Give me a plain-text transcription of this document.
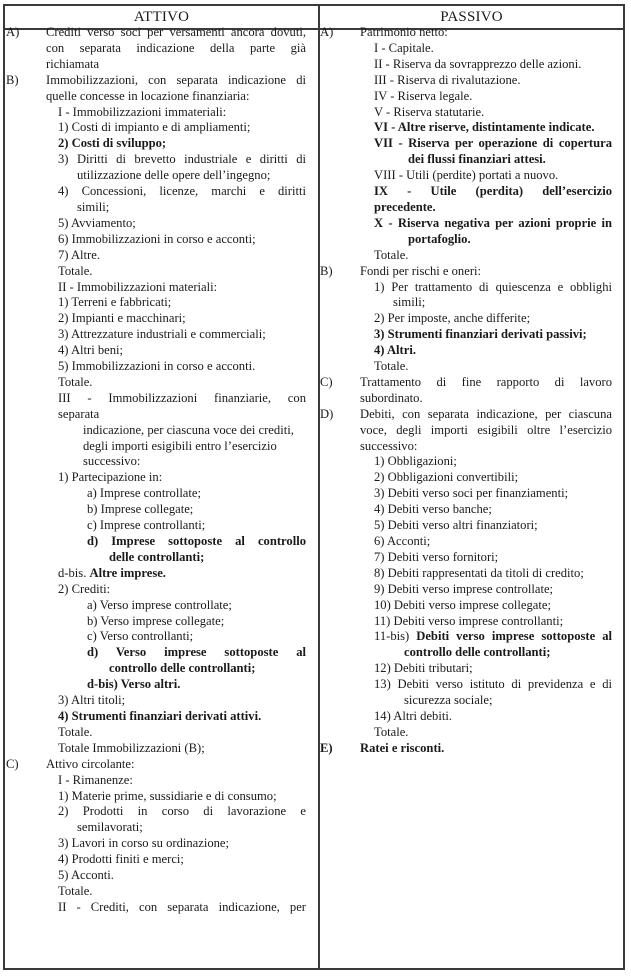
ATTIVO	PASSIVO
A) Crediti verso soci per versamenti ancora dovuti,
con separata indicazione della parte già
richiamata
B) Immobilizzazioni, con separata indicazione di
quelle concesse in locazione finanziaria:
I - Immobilizzazioni immateriali:
1) Costi di impianto e di ampliamenti;
2) Costi di sviluppo;
3) Diritti di brevetto industriale e diritti di
utilizzazione delle opere dell’ingegno;
4) Concessioni, licenze, marchi e diritti
simili;
5) Avviamento;
6) Immobilizzazioni in corso e acconti;
7) Altre.
Totale.
II - Immobilizzazioni materiali:
1) Terreni e fabbricati;
2) Impianti e macchinari;
3) Attrezzature industriali e commerciali;
4) Altri beni;
5) Immobilizzazioni in corso e acconti.
Totale.
III - Immobilizzazioni finanziarie, con
separata
indicazione, per ciascuna voce dei crediti,
degli importi esigibili entro l’esercizio
successivo:
1) Partecipazione in:
a) Imprese controllate;
b) Imprese collegate;
c) Imprese controllanti;
d) Imprese sottoposte al controllo
delle controllanti;
d-bis. Altre imprese.
2) Crediti:
a) Verso imprese controllate;
b) Verso imprese collegate;
c) Verso controllanti;
d) Verso imprese sottoposte al
controllo delle controllanti;
d-bis) Verso altri.
3) Altri titoli;
4) Strumenti finanziari derivati attivi.
Totale.
Totale Immobilizzazioni (B);
C) Attivo circolante:
I - Rimanenze:
1) Materie prime, sussidiarie e di consumo;
2) Prodotti in corso di lavorazione e
semilavorati;
3) Lavori in corso su ordinazione;
4) Prodotti finiti e merci;
5) Acconti.
Totale.
II - Crediti, con separata indicazione, per
A) Patrimonio netto:
I - Capitale.
II - Riserva da sovrapprezzo delle azioni.
III - Riserva di rivalutazione.
IV - Riserva legale.
V - Riserva statutarie.
VI - Altre riserve, distintamente indicate.
VII - Riserva per operazione di copertura
dei flussi finanziari attesi.
VIII - Utili (perdite) portati a nuovo.
IX - Utile (perdita) dell’esercizio
precedente.
X - Riserva negativa per azioni proprie in
portafoglio.
Totale.
B) Fondi per rischi e oneri:
1) Per trattamento di quiescenza e obblighi
simili;
2) Per imposte, anche differite;
3) Strumenti finanziari derivati passivi;
4) Altri.
Totale.
C) Trattamento di fine rapporto di lavoro
subordinato.
D) Debiti, con separata indicazione, per ciascuna
voce, degli importi esigibili oltre l’esercizio
successivo:
1) Obbligazioni;
2) Obbligazioni convertibili;
3) Debiti verso soci per finanziamenti;
4) Debiti verso banche;
5) Debiti verso altri finanziatori;
6) Acconti;
7) Debiti verso fornitori;
8) Debiti rappresentati da titoli di credito;
9) Debiti verso imprese controllate;
10) Debiti verso imprese collegate;
11) Debiti verso imprese controllanti;
11-bis) Debiti verso imprese sottoposte al
controllo delle controllanti;
12) Debiti tributari;
13) Debiti verso istituto di previdenza e di
sicurezza sociale;
14) Altri debiti.
Totale.
E) Ratei e risconti.
